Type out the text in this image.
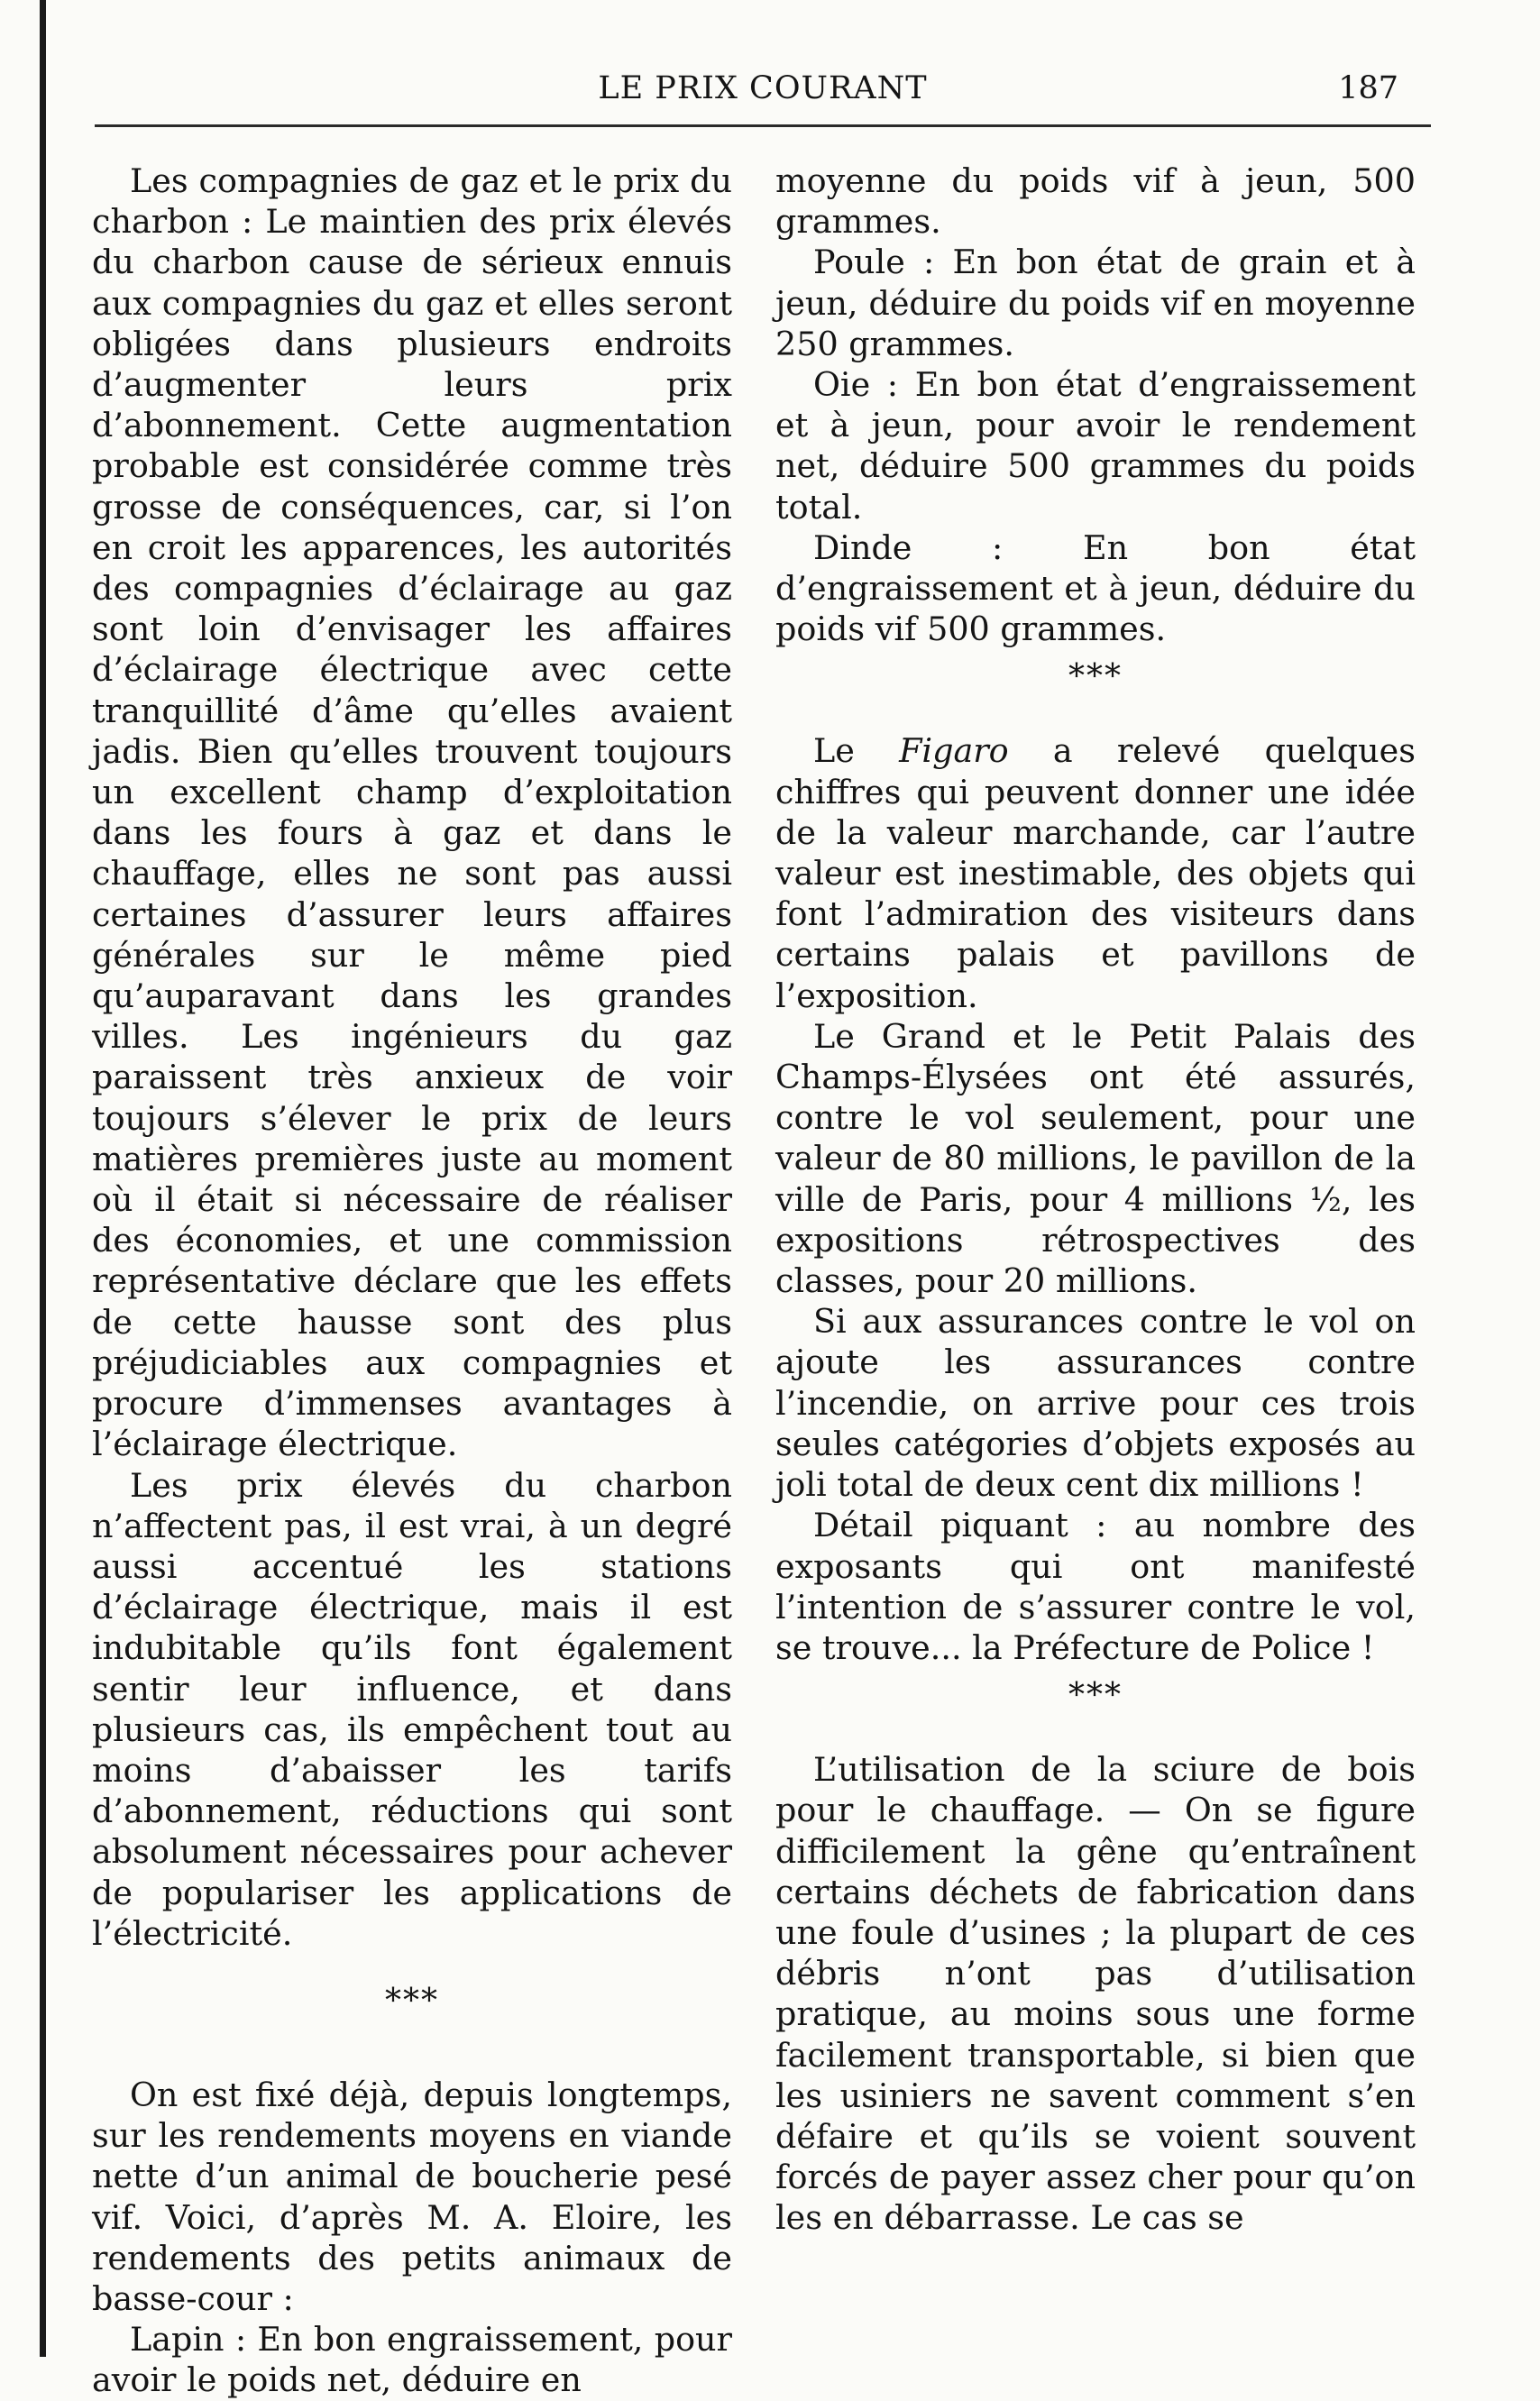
LE PRIX COURANT	187

Les compagnies de gaz et le prix du charbon : Le maintien des prix élevés du charbon cause de sérieux ennuis aux compagnies du gaz et elles seront obligées dans plusieurs endroits d’augmenter leurs prix d’abonnement. Cette augmentation probable est considérée comme très grosse de conséquences, car, si l’on en croit les apparences, les autorités des compagnies d’éclairage au gaz sont loin d’envisager les affaires d’éclairage électrique avec cette tranquillité d’âme qu’elles avaient jadis. Bien qu’elles trouvent toujours un excellent champ d’exploitation dans les fours à gaz et dans le chauffage, elles ne sont pas aussi certaines d’assurer leurs affaires générales sur le même pied qu’auparavant dans les grandes villes. Les ingénieurs du gaz paraissent très anxieux de voir toujours s’élever le prix de leurs matières premières juste au moment où il était si nécessaire de réaliser des économies, et une commission représentative déclare que les effets de cette hausse sont des plus préjudiciables aux compagnies et procure d’immenses avantages à l’éclairage électrique.

Les prix élevés du charbon n’affectent pas, il est vrai, à un degré aussi accentué les stations d’éclairage électrique, mais il est indubitable qu’ils font également sentir leur influence, et dans plusieurs cas, ils empêchent tout au moins d’abaisser les tarifs d’abonnement, réductions qui sont absolument nécessaires pour achever de populariser les applications de l’électricité.

***

On est fixé déjà, depuis longtemps, sur les rendements moyens en viande nette d’un animal de boucherie pesé vif. Voici, d’après M. A. Eloire, les rendements des petits animaux de basse-cour :

Lapin : En bon engraissement, pour avoir le poids net, déduire en

moyenne du poids vif à jeun, 500 grammes.

Poule : En bon état de grain et à jeun, déduire du poids vif en moyenne 250 grammes.

Oie : En bon état d’engraissement et à jeun, pour avoir le rendement net, déduire 500 grammes du poids total.

Dinde : En bon état d’engraissement et à jeun, déduire du poids vif 500 grammes.

***

Le Figaro a relevé quelques chiffres qui peuvent donner une idée de la valeur marchande, car l’autre valeur est inestimable, des objets qui font l’admiration des visiteurs dans certains palais et pavillons de l’exposition.

Le Grand et le Petit Palais des Champs-Élysées ont été assurés, contre le vol seulement, pour une valeur de 80 millions, le pavillon de la ville de Paris, pour 4 millions ½, les expositions rétrospectives des classes, pour 20 millions.

Si aux assurances contre le vol on ajoute les assurances contre l’incendie, on arrive pour ces trois seules catégories d’objets exposés au joli total de deux cent dix millions !

Détail piquant : au nombre des exposants qui ont manifesté l’intention de s’assurer contre le vol, se trouve... la Préfecture de Police !

***

L’utilisation de la sciure de bois pour le chauffage. — On se figure difficilement la gêne qu’entraînent certains déchets de fabrication dans une foule d’usines ; la plupart de ces débris n’ont pas d’utilisation pratique, au moins sous une forme facilement transportable, si bien que les usiniers ne savent comment s’en défaire et qu’ils se voient souvent forcés de payer assez cher pour qu’on les en débarrasse. Le cas se
